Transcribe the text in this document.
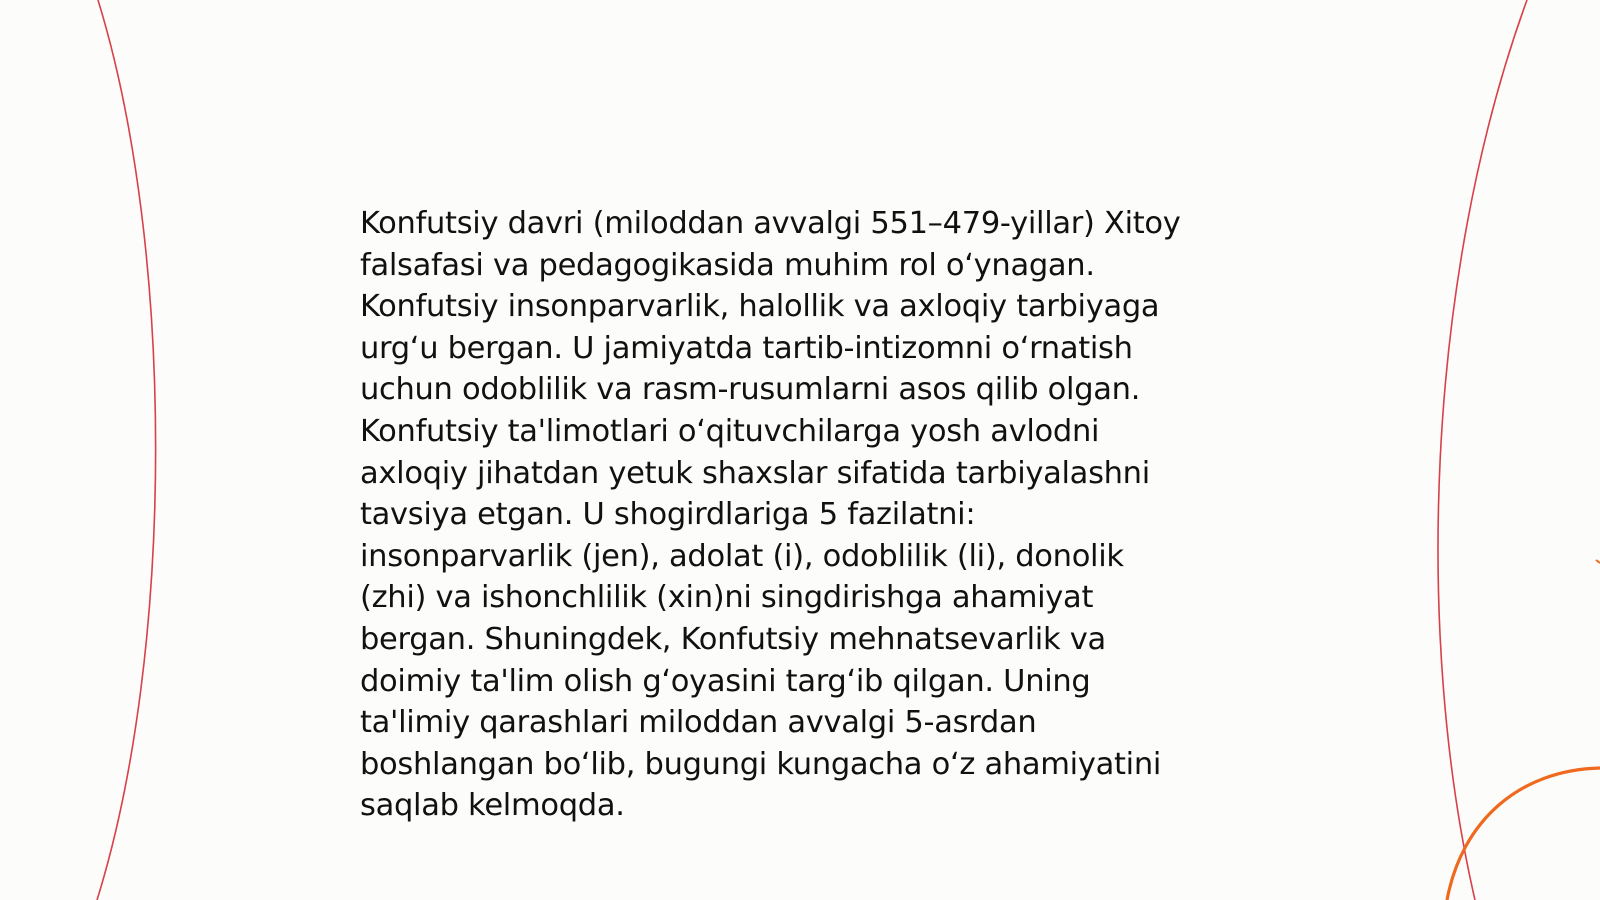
Konfutsiy davri (miloddan avvalgi 551–479-yillar) Xitoy
falsafasi va pedagogikasida muhim rol o‘ynagan.
Konfutsiy insonparvarlik, halollik va axloqiy tarbiyaga
urg‘u bergan. U jamiyatda tartib-intizomni o‘rnatish
uchun odoblilik va rasm-rusumlarni asos qilib olgan.
Konfutsiy ta'limotlari o‘qituvchilarga yosh avlodni
axloqiy jihatdan yetuk shaxslar sifatida tarbiyalashni
tavsiya etgan. U shogirdlariga 5 fazilatni:
insonparvarlik (jen), adolat (i), odoblilik (li), donolik
(zhi) va ishonchlilik (xin)ni singdirishga ahamiyat
bergan. Shuningdek, Konfutsiy mehnatsevarlik va
doimiy ta'lim olish g‘oyasini targ‘ib qilgan. Uning
ta'limiy qarashlari miloddan avvalgi 5-asrdan
boshlangan bo‘lib, bugungi kungacha o‘z ahamiyatini
saqlab kelmoqda.
